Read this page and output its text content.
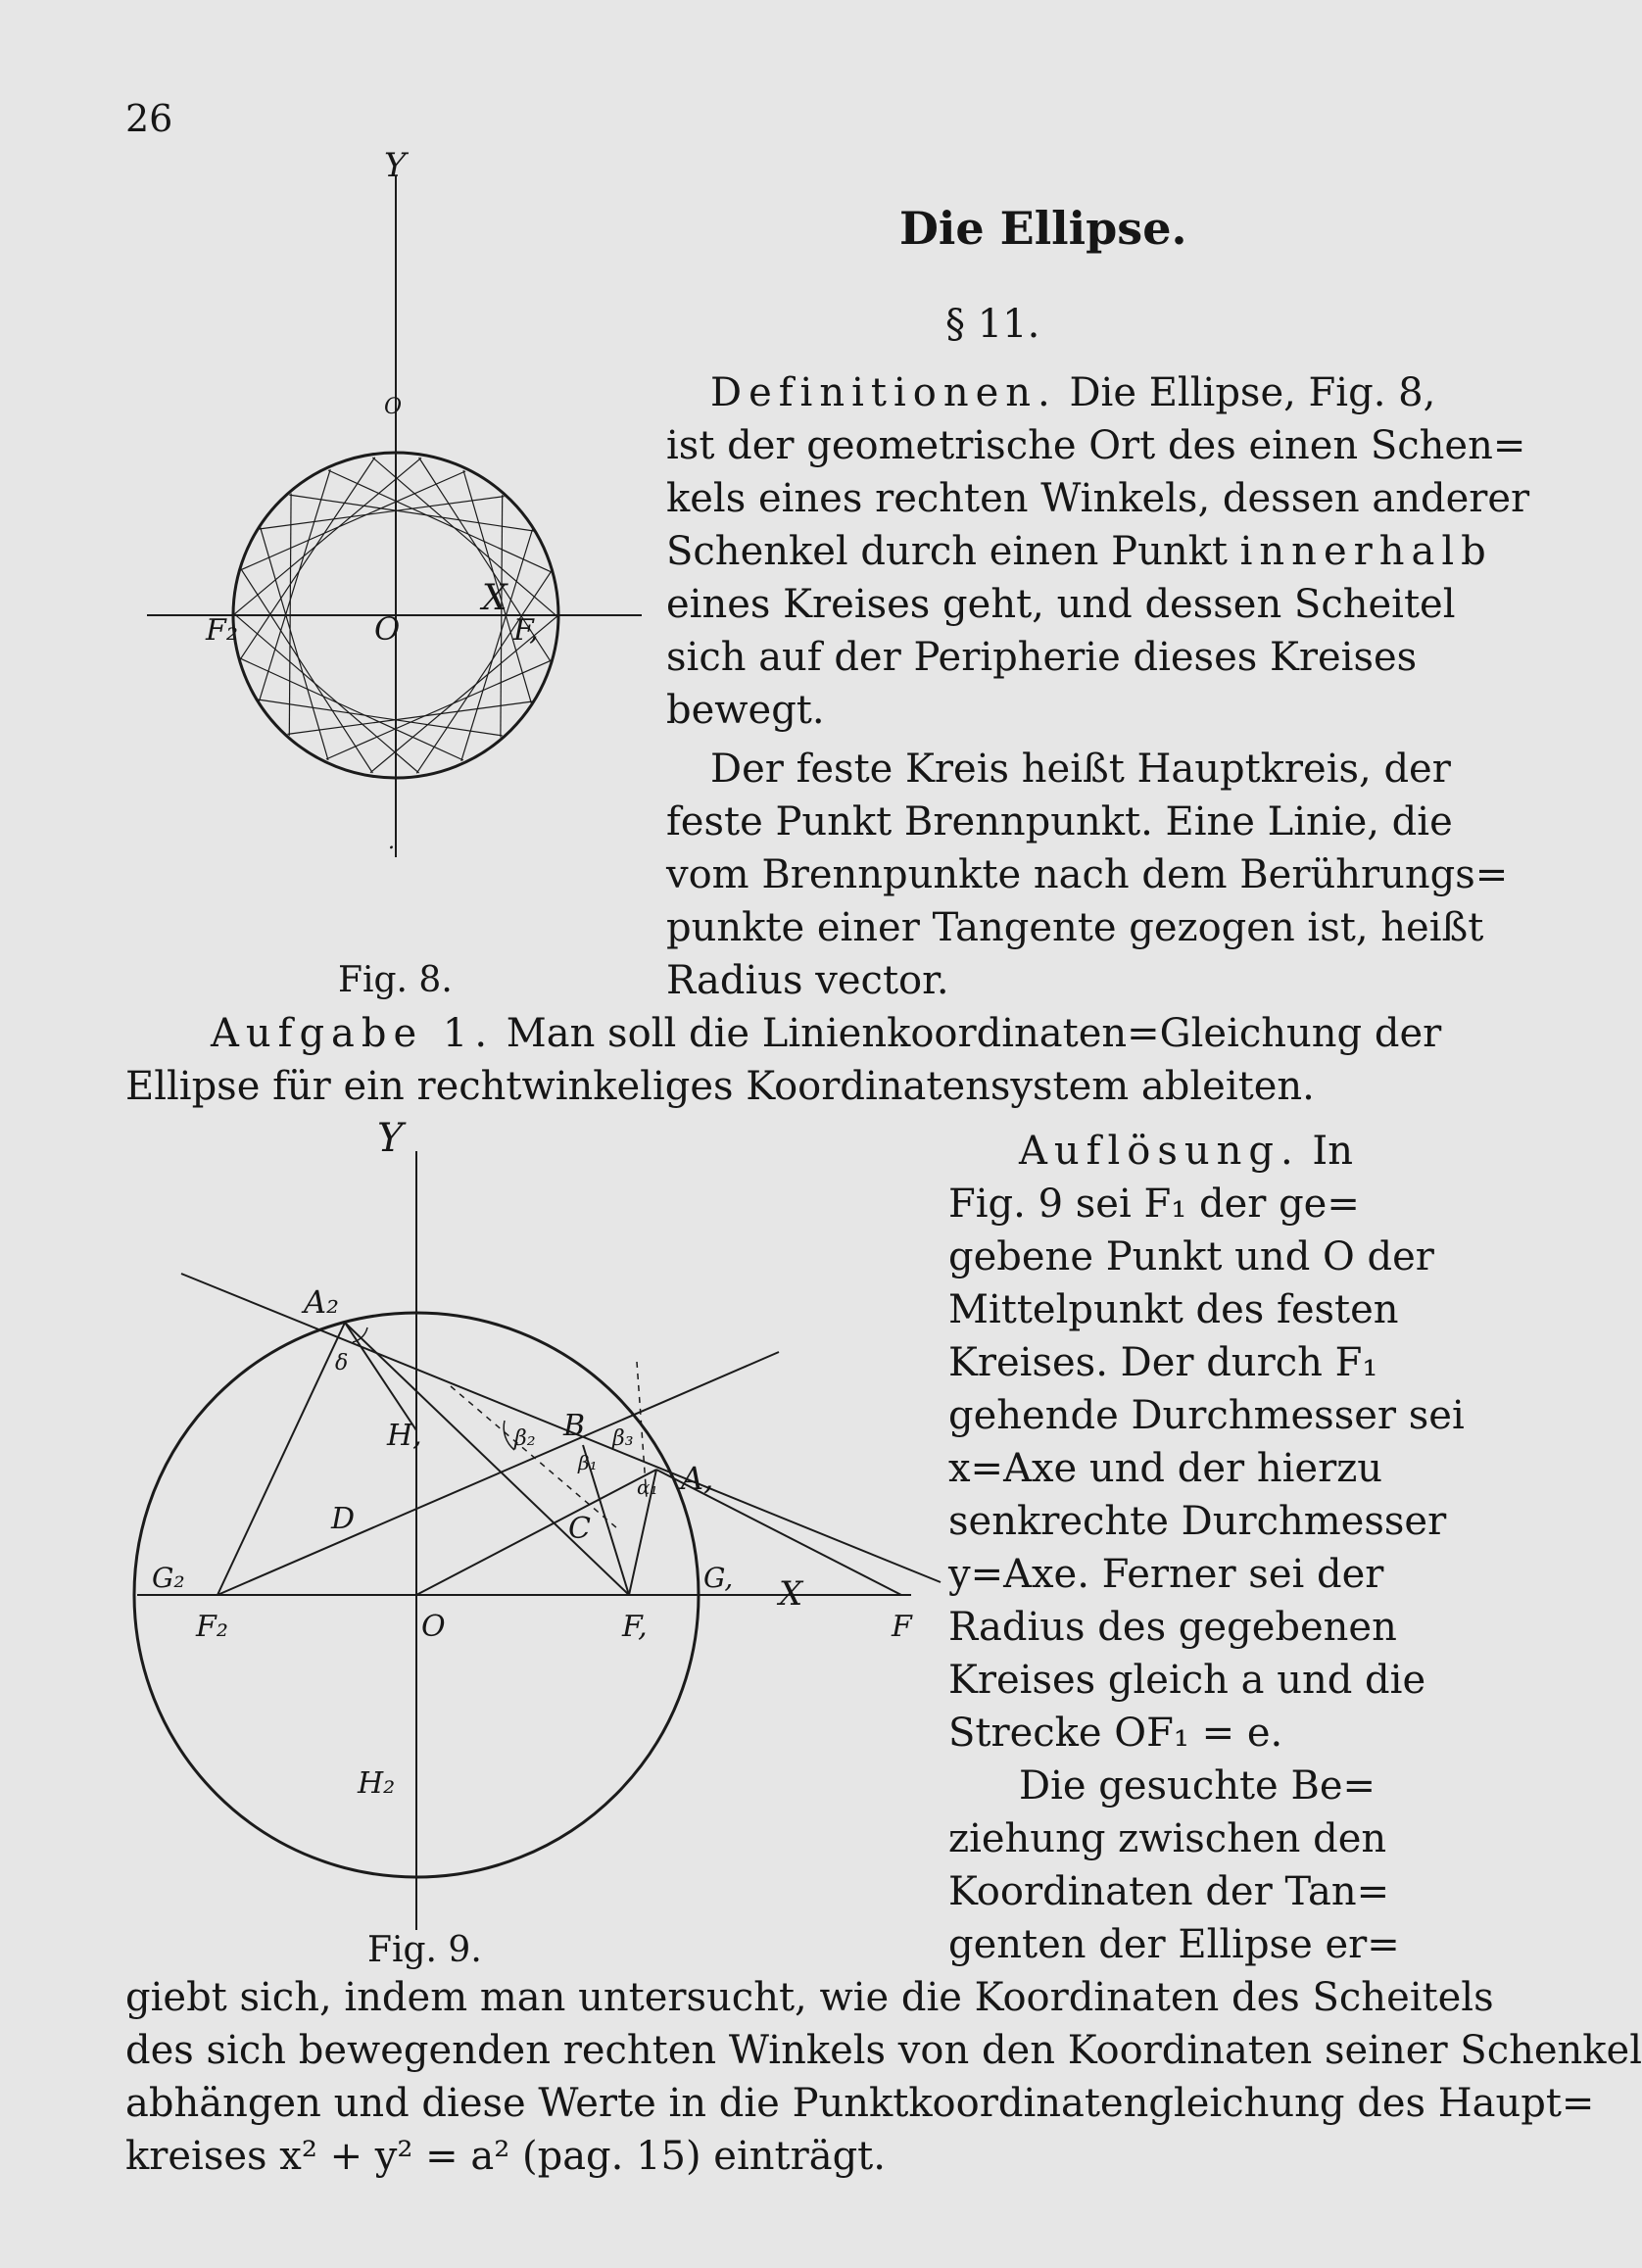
26
Y
O
X
O
F₂	F,
.
Fig. 8.
Die Ellipse.
§ 11.
Definitionen. Die Ellipse, Fig. 8,
ist der geometrische Ort des einen Schen=
kels eines rechten Winkels, dessen anderer
Schenkel durch einen Punkt innerhalb
eines Kreises geht, und dessen Scheitel
sich auf der Peripherie dieses Kreises
bewegt.
Der feste Kreis heißt Hauptkreis, der
feste Punkt Brennpunkt. Eine Linie, die
vom Brennpunkte nach dem Berührungs=
punkte einer Tangente gezogen ist, heißt
Radius vector.
Aufgabe 1. Man soll die Linienkoordinaten=Gleichung der
Ellipse für ein rechtwinkeliges Koordinatensystem ableiten.
Y
A₂
H,	B
A,
D	C
G₂	G, X
F₂	O	F,	F
H₂
β₂	β₃
β₁
α₁
δ
Fig. 9.
Auflösung. In
Fig. 9 sei F₁ der ge=
gebene Punkt und O der
Mittelpunkt des festen
Kreises. Der durch F₁
gehende Durchmesser sei
x=Axe und der hierzu
senkrechte Durchmesser
y=Axe. Ferner sei der
Radius des gegebenen
Kreises gleich a und die
Strecke OF₁ = e.
Die gesuchte Be=
ziehung zwischen den
Koordinaten der Tan=
genten der Ellipse er=
giebt sich, indem man untersucht, wie die Koordinaten des Scheitels
des sich bewegenden rechten Winkels von den Koordinaten seiner Schenkel
abhängen und diese Werte in die Punktkoordinatengleichung des Haupt=
kreises x² + y² = a² (pag. 15) einträgt.
